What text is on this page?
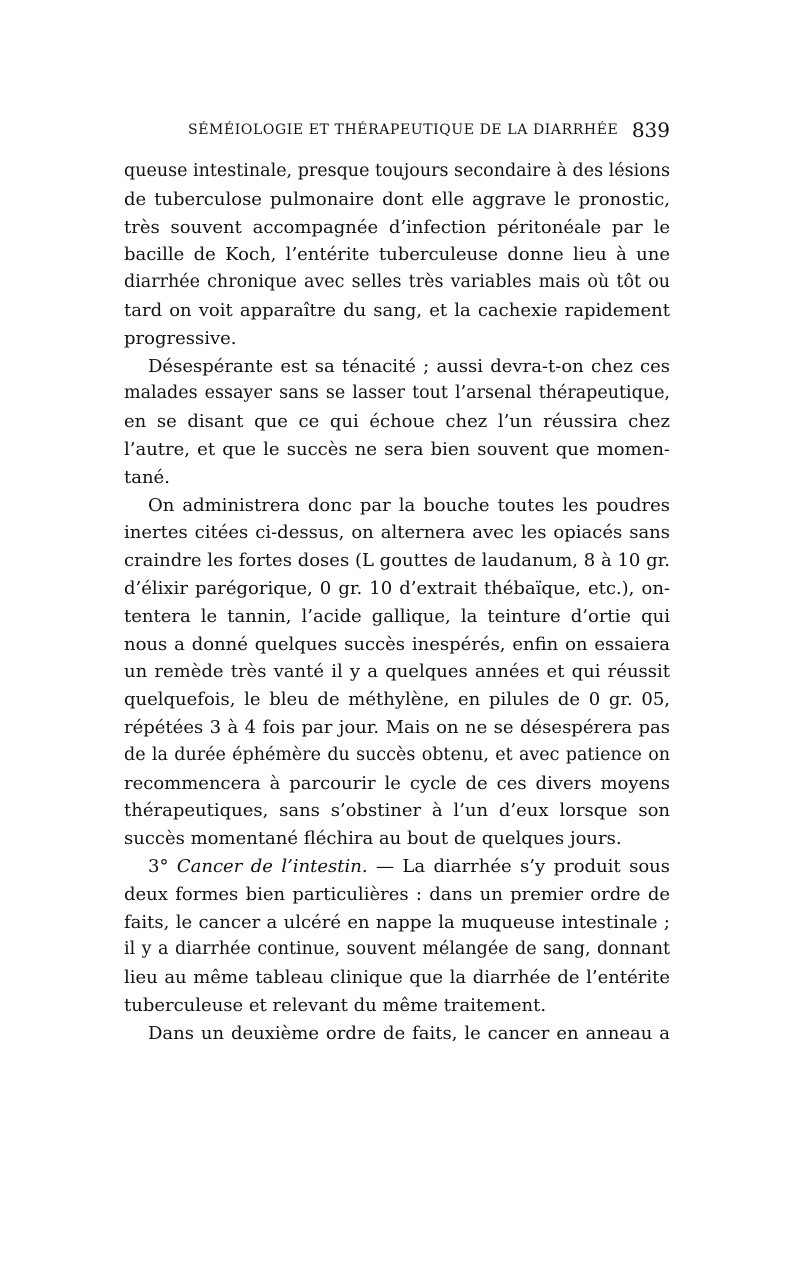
SÉMÉIOLOGIE ET THÉRAPEUTIQUE DE LA DIARRHÉE 839
queuse intestinale, presque toujours secondaire à des lésions
de tuberculose pulmonaire dont elle aggrave le pronostic,
très souvent accompagnée d’infection péritonéale par le
bacille de Koch, l’entérite tuberculeuse donne lieu à une
diarrhée chronique avec selles très variables mais où tôt ou
tard on voit apparaître du sang, et la cachexie rapidement
progressive.
Désespérante est sa ténacité ; aussi devra-t-on chez ces
malades essayer sans se lasser tout l’arsenal thérapeutique,
en se disant que ce qui échoue chez l’un réussira chez
l’autre, et que le succès ne sera bien souvent que momen-
tané.
On administrera donc par la bouche toutes les poudres
inertes citées ci-dessus, on alternera avec les opiacés sans
craindre les fortes doses (L gouttes de laudanum, 8 à 10 gr.
d’élixir parégorique, 0 gr. 10 d’extrait thébaïque, etc.), on-
tentera le tannin, l’acide gallique, la teinture d’ortie qui
nous a donné quelques succès inespérés, enfin on essaiera
un remède très vanté il y a quelques années et qui réussit
quelquefois, le bleu de méthylène, en pilules de 0 gr. 05,
répétées 3 à 4 fois par jour. Mais on ne se désespérera pas
de la durée éphémère du succès obtenu, et avec patience on
recommencera à parcourir le cycle de ces divers moyens
thérapeutiques, sans s’obstiner à l’un d’eux lorsque son
succès momentané fléchira au bout de quelques jours.
3° Cancer de l’intestin. — La diarrhée s’y produit sous
deux formes bien particulières : dans un premier ordre de
faits, le cancer a ulcéré en nappe la muqueuse intestinale ;
il y a diarrhée continue, souvent mélangée de sang, donnant
lieu au même tableau clinique que la diarrhée de l’entérite
tuberculeuse et relevant du même traitement.
Dans un deuxième ordre de faits, le cancer en anneau a
